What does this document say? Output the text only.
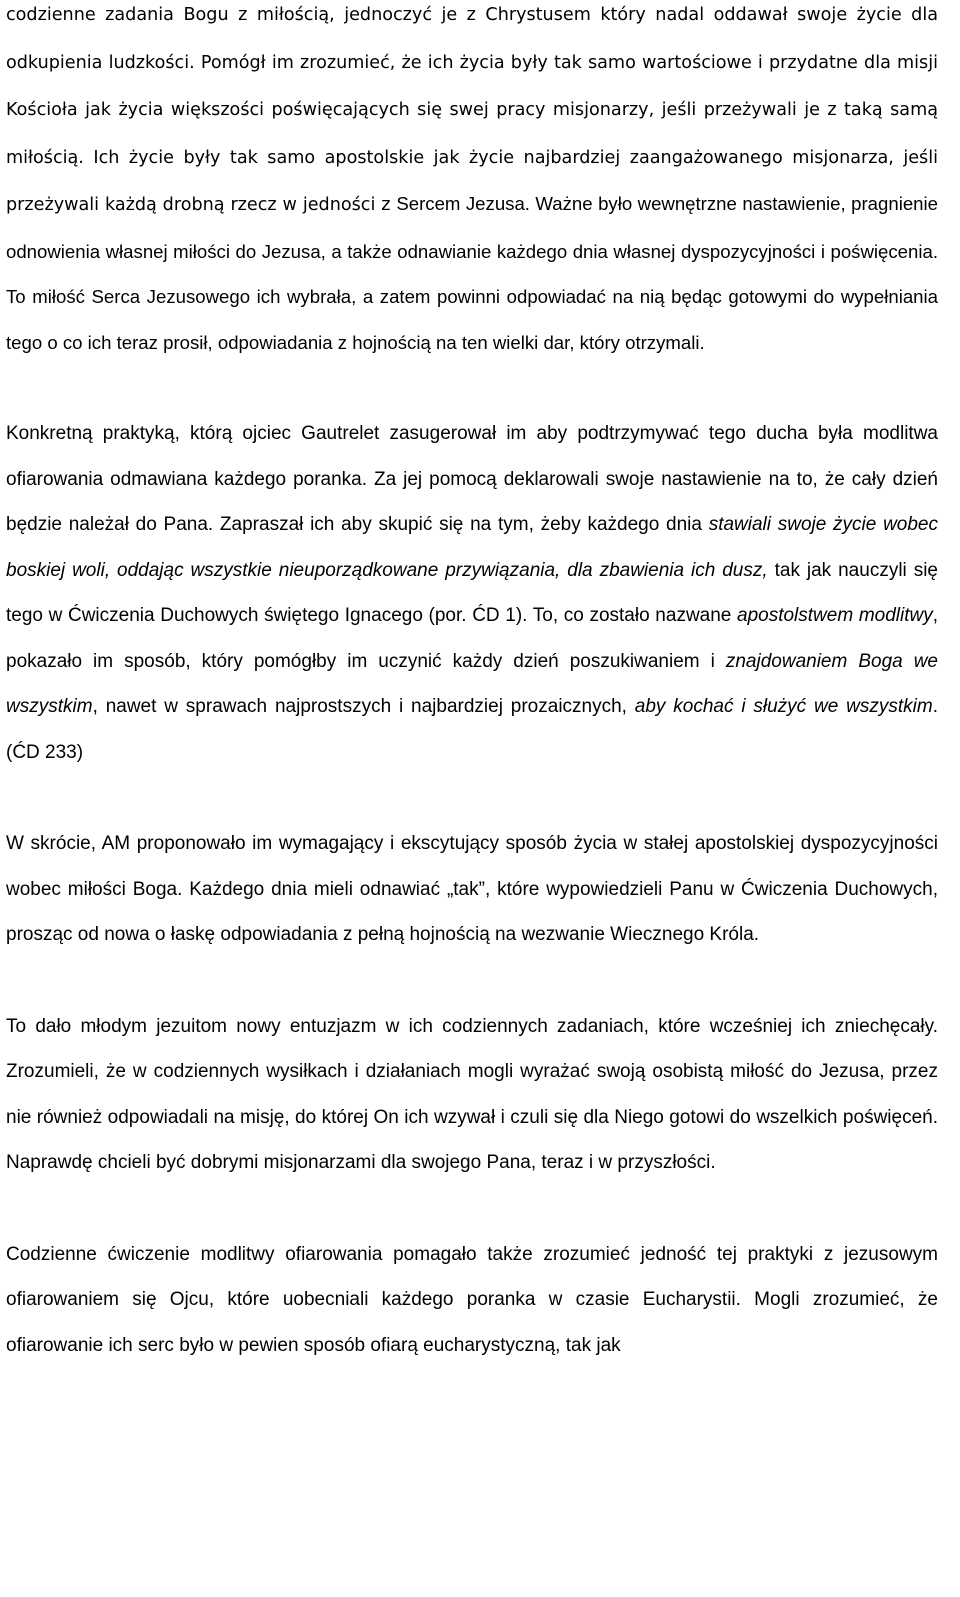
codzienne zadania Bogu z miłością, jednoczyć je z Chrystusem który nadal oddawał swoje życie dla odkupienia ludzkości. Pomógł im zrozumieć, że ich życia były tak samo wartościowe i przydatne dla misji Kościoła jak życia większości poświęcających się swej pracy misjonarzy, jeśli przeżywali je z taką samą miłością. Ich życie były tak samo apostolskie jak życie najbardziej zaangażowanego misjonarza, jeśli przeżywali każdą drobną rzecz w jedności z Sercem Jezusa. Ważne było wewnętrzne nastawienie, pragnienie odnowienia własnej miłości do Jezusa, a także odnawianie każdego dnia własnej dyspozycyjności i poświęcenia. To miłość Serca Jezusowego ich wybrała, a zatem powinni odpowiadać na nią będąc gotowymi do wypełniania tego o co ich teraz prosił, odpowiadania z hojnością na ten wielki dar, który otrzymali.

Konkretną praktyką, którą ojciec Gautrelet zasugerował im aby podtrzymywać tego ducha była modlitwa ofiarowania odmawiana każdego poranka. Za jej pomocą deklarowali swoje nastawienie na to, że cały dzień będzie należał do Pana. Zapraszał ich aby skupić się na tym, żeby każdego dnia stawiali swoje życie wobec boskiej woli, oddając wszystkie nieuporządkowane przywiązania, dla zbawienia ich dusz, tak jak nauczyli się tego w Ćwiczenia Duchowych świętego Ignacego (por. ĆD 1). To, co zostało nazwane apostolstwem modlitwy, pokazało im sposób, który pomógłby im uczynić każdy dzień poszukiwaniem i znajdowaniem Boga we wszystkim, nawet w sprawach najprostszych i najbardziej prozaicznych, aby kochać i służyć we wszystkim. (ĆD 233)

W skrócie, AM proponowało im wymagający i ekscytujący sposób życia w stałej apostolskiej dyspozycyjności wobec miłości Boga. Każdego dnia mieli odnawiać „tak”, które wypowiedzieli Panu w Ćwiczenia Duchowych, prosząc od nowa o łaskę odpowiadania z pełną hojnością na wezwanie Wiecznego Króla.

To dało młodym jezuitom nowy entuzjazm w ich codziennych zadaniach, które wcześniej ich zniechęcały. Zrozumieli, że w codziennych wysiłkach i działaniach mogli wyrażać swoją osobistą miłość do Jezusa, przez nie również odpowiadali na misję, do której On ich wzywał i czuli się dla Niego gotowi do wszelkich poświęceń. Naprawdę chcieli być dobrymi misjonarzami dla swojego Pana, teraz i w przyszłości.

Codzienne ćwiczenie modlitwy ofiarowania pomagało także zrozumieć jedność tej praktyki z jezusowym ofiarowaniem się Ojcu, które uobecniali każdego poranka w czasie Eucharystii. Mogli zrozumieć, że ofiarowanie ich serc było w pewien sposób ofiarą eucharystyczną, tak jak
